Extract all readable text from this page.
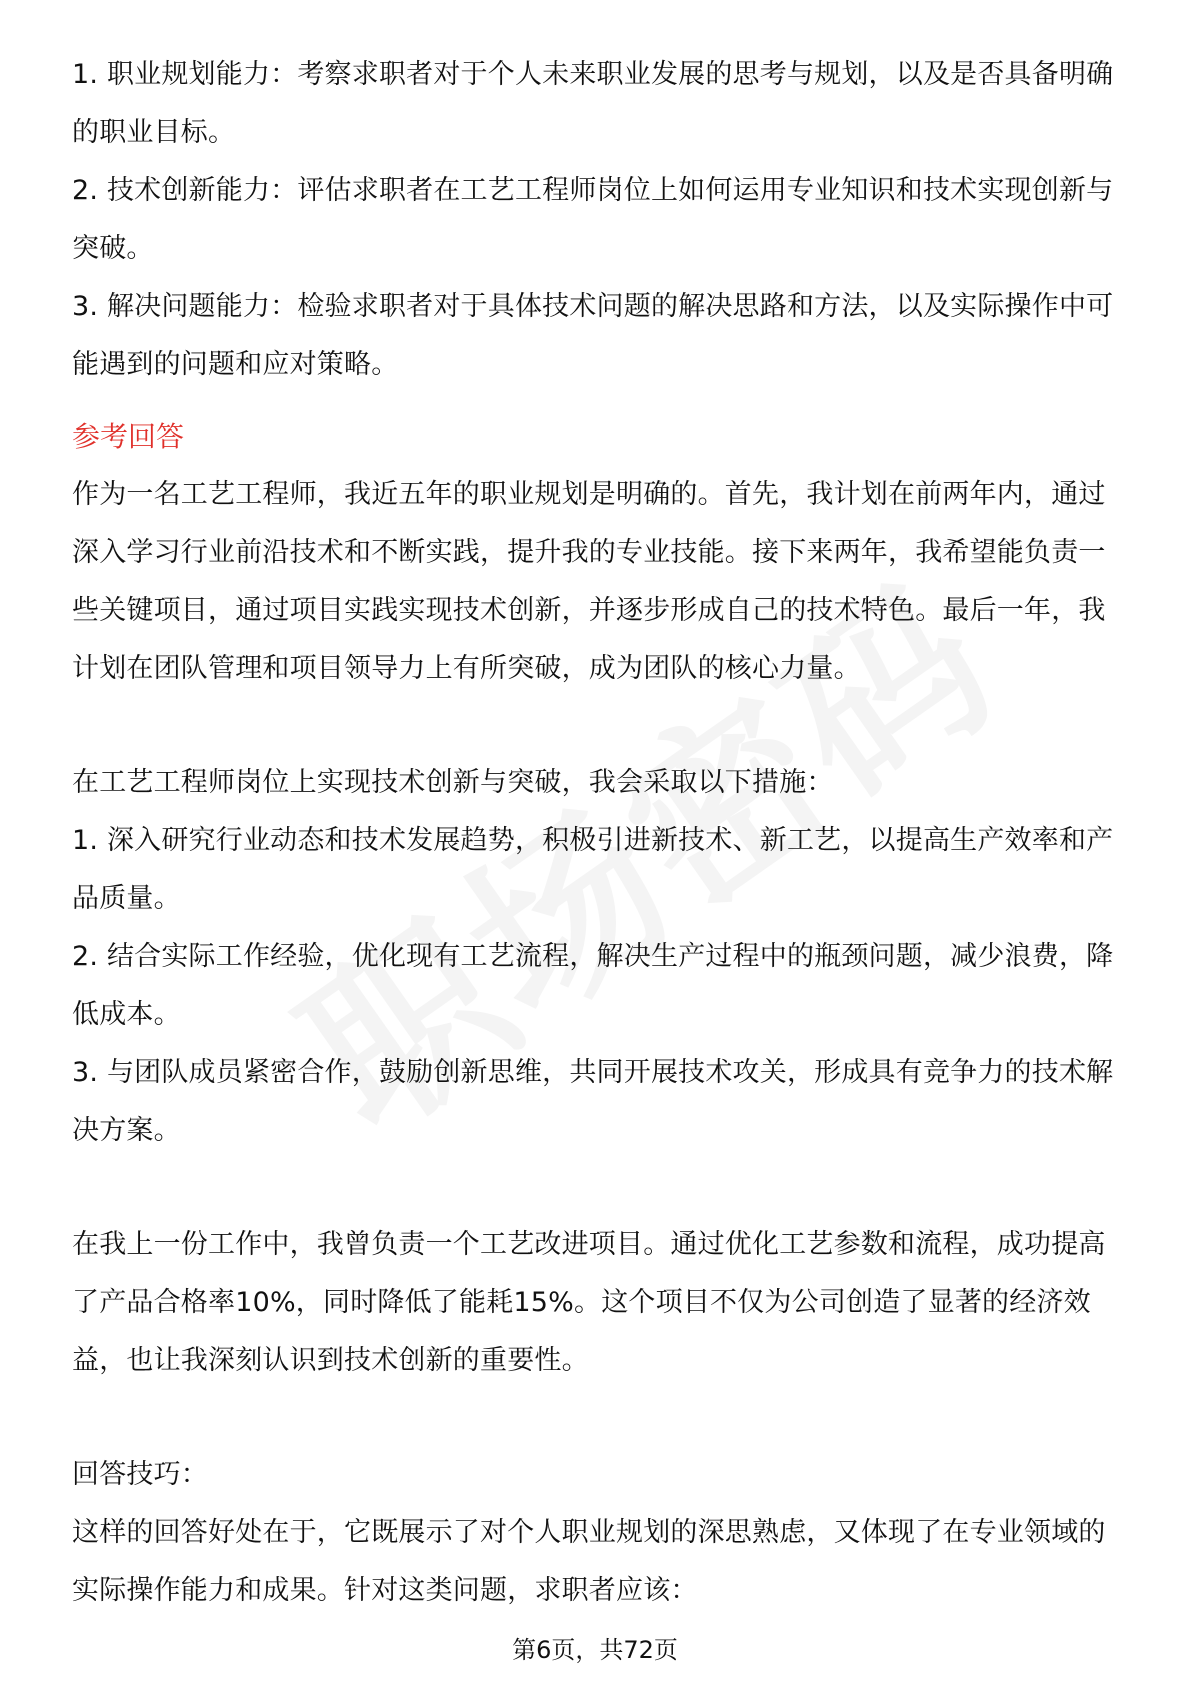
1. 职业规划能力：考察求职者对于个人未来职业发展的思考与规划，以及是否具备明确的职业目标。

2. 技术创新能力：评估求职者在工艺工程师岗位上如何运用专业知识和技术实现创新与突破。

3. 解决问题能力：检验求职者对于具体技术问题的解决思路和方法，以及实际操作中可能遇到的问题和应对策略。

参考回答

作为一名工艺工程师，我近五年的职业规划是明确的。首先，我计划在前两年内，通过深入学习行业前沿技术和不断实践，提升我的专业技能。接下来两年，我希望能负责一些关键项目，通过项目实践实现技术创新，并逐步形成自己的技术特色。最后一年，我计划在团队管理和项目领导力上有所突破，成为团队的核心力量。

在工艺工程师岗位上实现技术创新与突破，我会采取以下措施：

1. 深入研究行业动态和技术发展趋势，积极引进新技术、新工艺，以提高生产效率和产品质量。

2. 结合实际工作经验，优化现有工艺流程，解决生产过程中的瓶颈问题，减少浪费，降低成本。

3. 与团队成员紧密合作，鼓励创新思维，共同开展技术攻关，形成具有竞争力的技术解决方案。

在我上一份工作中，我曾负责一个工艺改进项目。通过优化工艺参数和流程，成功提高了产品合格率10%，同时降低了能耗15%。这个项目不仅为公司创造了显著的经济效益，也让我深刻认识到技术创新的重要性。

回答技巧：

这样的回答好处在于，它既展示了对个人职业规划的深思熟虑，又体现了在专业领域的实际操作能力和成果。针对这类问题，求职者应该：

第6页，共72页
